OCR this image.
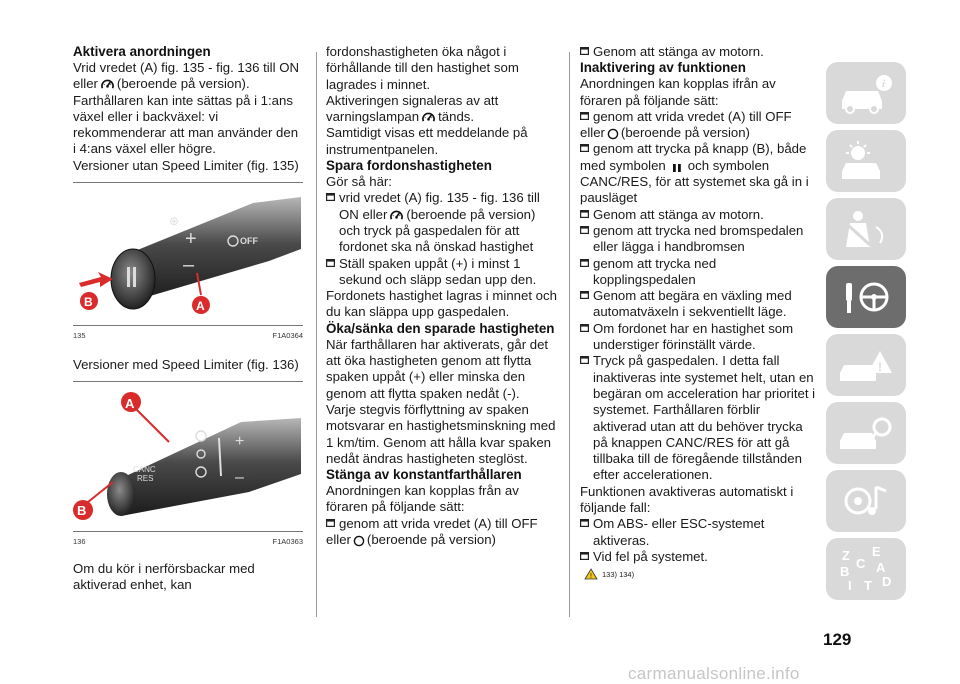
Aktivera anordningen

Vrid vredet (A) fig. 135 - fig. 136 till ON

eller (beroende på version).

Farthållaren kan inte sättas på i 1:ans växel eller i backväxel: vi rekommenderar att man använder den i 4:ans växel eller högre.

Versioner utan Speed Limiter (fig. 135)

⊕
+
–
OFF
B	A
135	F1A0364

Versioner med Speed Limiter (fig. 136)

CANC
RES
+
–
A
B
136	F1A0363

Om du kör i nerförsbackar med aktiverad enhet, kan

fordonshastigheten öka något i förhållande till den hastighet som lagrades i minnet.

Aktiveringen signaleras av att varningslampan tänds.

Samtidigt visas ett meddelande på instrumentpanelen.

Spara fordonshastigheten

Gör så här:

vrid vredet (A) fig. 135 - fig. 136 till ON eller (beroende på version) och tryck på gaspedalen för att fordonet ska nå önskad hastighet

Ställ spaken uppåt (+) i minst 1 sekund och släpp sedan upp den.

Fordonets hastighet lagras i minnet och du kan släppa upp gaspedalen.

Öka/sänka den sparade hastigheten

När farthållaren har aktiverats, går det att öka hastigheten genom att flytta spaken uppåt (+) eller minska den genom att flytta spaken nedåt (-).

Varje stegvis förflyttning av spaken motsvarar en hastighetsminskning med 1 km/tim. Genom att hålla kvar spaken nedåt ändras hastigheten steglöst.

Stänga av konstantfarthållaren

Anordningen kan kopplas från av föraren på följande sätt:

genom att vrida vredet (A) till OFF

eller (beroende på version)

Genom att stänga av motorn.

Inaktivering av funktionen

Anordningen kan kopplas ifrån av föraren på följande sätt:

genom att vrida vredet (A) till OFF

eller (beroende på version)

genom att trycka på knapp (B), både

med symbolen och symbolen CANC/RES, för att systemet ska gå in i pausläget

Genom att stänga av motorn.

genom att trycka ned bromspedalen eller lägga i handbromsen

genom att trycka ned kopplingspedalen

Genom att begära en växling med automatväxeln i sekventiellt läge.

Om fordonet har en hastighet som understiger förinställt värde.

Tryck på gaspedalen. I detta fall inaktiveras inte systemet helt, utan en begäran om acceleration har prioritet i systemet. Farthållaren förblir aktiverad utan att du behöver trycka på knappen CANC/RES för att gå tillbaka till de föregående tillstånden efter accelerationen.

Funktionen avaktiveras automatiskt i följande fall:

Om ABS- eller ESC-systemet aktiveras.

Vid fel på systemet.

! 133) 134)

i
!
Z E
B A
C
D
I T
129
carmanualsonline.info
